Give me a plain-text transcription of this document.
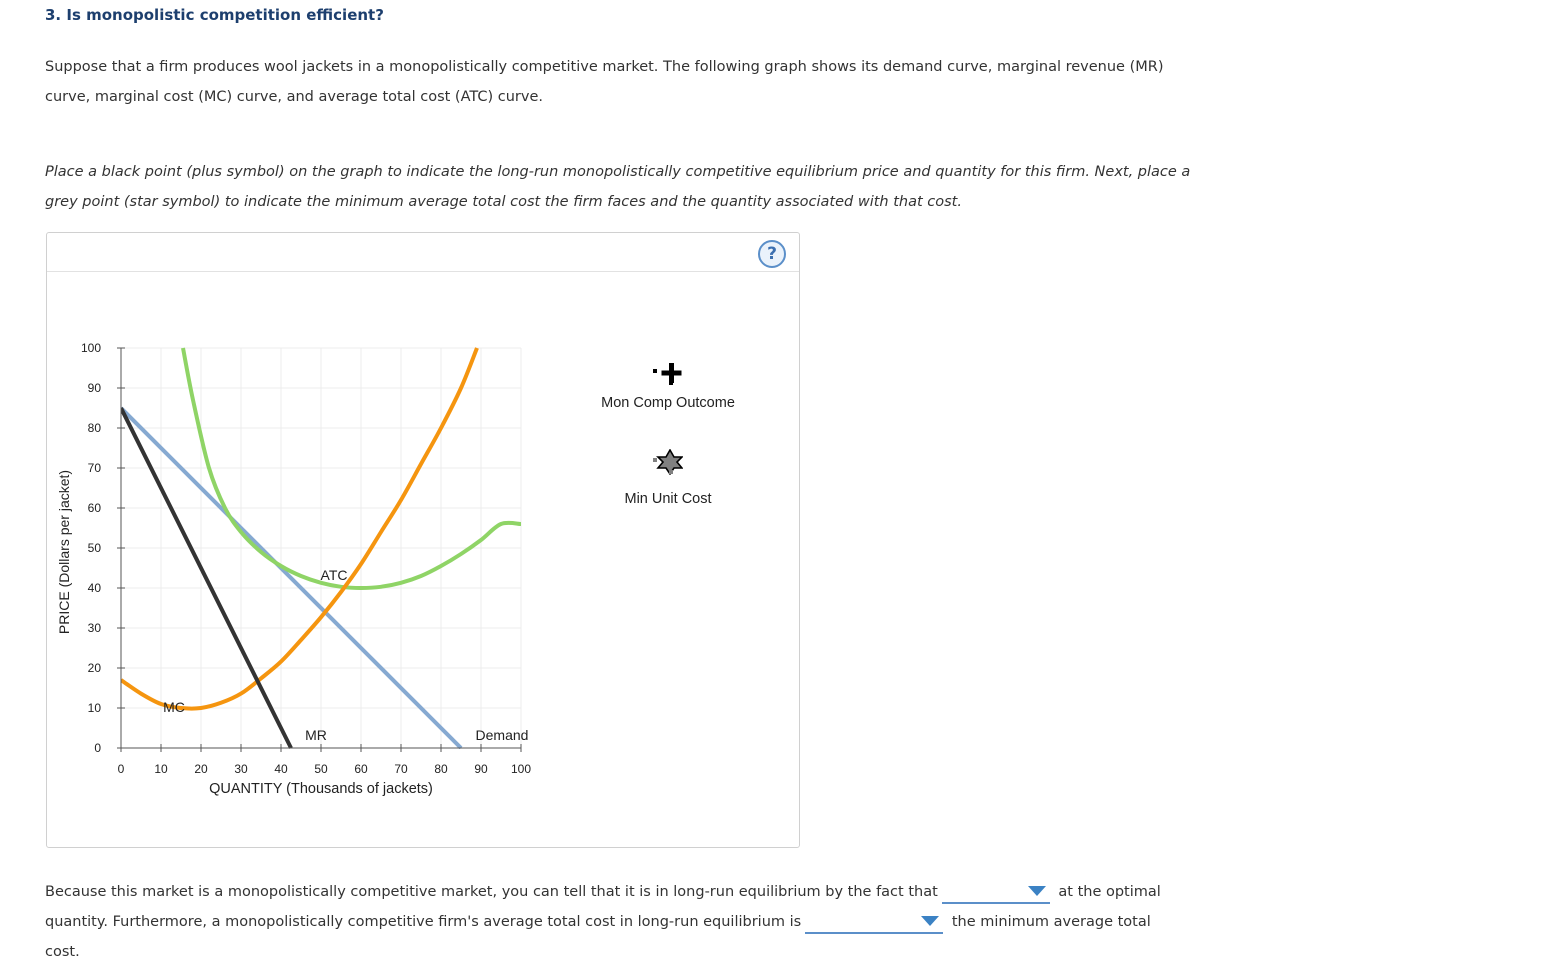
3. Is monopolistic competition efficient?
Suppose that a firm produces wool jackets in a monopolistically competitive market. The following graph shows its demand curve, marginal revenue (MR) curve, marginal cost (MC) curve, and average total cost (ATC) curve.
Place a black point (plus symbol) on the graph to indicate the long-run monopolistically competitive equilibrium price and quantity for this firm. Next, place a grey point (star symbol) to indicate the minimum average total cost the firm faces and the quantity associated with that cost.
?
Demand
MR
MC
ATC
0 10 20 30 40 50 60 70 80 90 100
0
10
20
30
40
50
60
70
80
90
100
QUANTITY (Thousands of jackets)
PRICE (Dollars per jacket)
Mon Comp Outcome
Min Unit Cost
Because this market is a monopolistically competitive market, you can tell that it is in long-run equilibrium by the fact that	at the optimal quantity. Furthermore, a monopolistically competitive firm's average total cost in long-run equilibrium is	the minimum average total cost.
